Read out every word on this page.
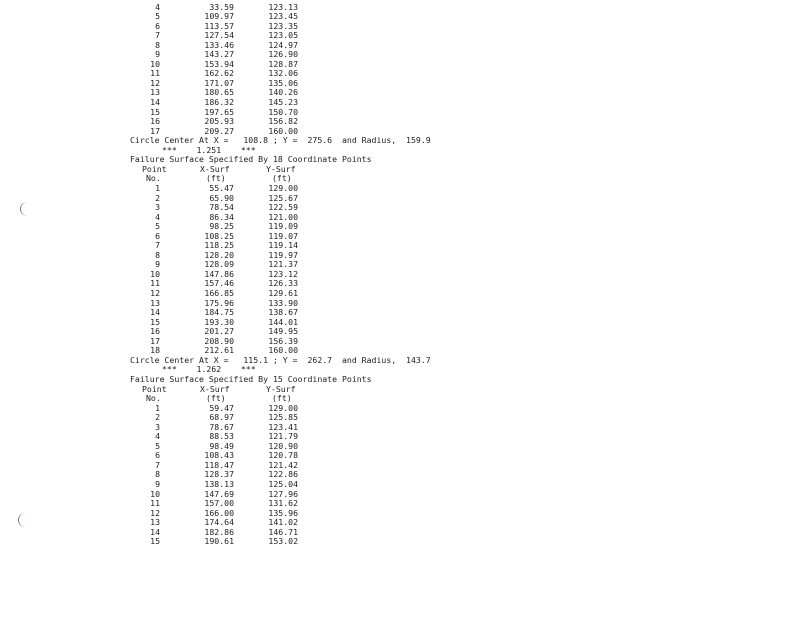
4	33.59	123.13
5	109.97	123.45
6	113.57	123.35
7	127.54	123.05
8	133.46	124.97
9	143.27	126.90
10	153.94	128.87
11	162.62	132.06
12	171.07	135.06
13	180.65	140.26
14	186.32	145.23
15	197.65	150.70
16	205.93	156.82
17	209.27	160.00
Circle Center At X =   108.8 ; Y =  275.6  and Radius,  159.9
***    1.251    ***
Failure Surface Specified By 18 Coordinate Points
Point	X-Surf	Y-Surf
No.	(ft)	(ft)
1	55.47	129.00
2	65.90	125.67
3	78.54	122.59
4	86.34	121.00
5	98.25	119.09
6	108.25	119.07
7	118.25	119.14
8	128.20	119.97
9	128.09	121.37
10	147.86	123.12
11	157.46	126.33
12	166.85	129.61
13	175.96	133.90
14	184.75	138.67
15	193.30	144.01
16	201.27	149.95
17	208.90	156.39
18	212.61	160.00
Circle Center At X =   115.1 ; Y =  262.7  and Radius,  143.7
***    1.262    ***
Failure Surface Specified By 15 Coordinate Points
Point	X-Surf	Y-Surf
No.	(ft)	(ft)
1	59.47	129.00
2	68.97	125.85
3	78.67	123.41
4	88.53	121.79
5	98.49	120.90
6	108.43	120.78
7	118.47	121.42
8	128.37	122.86
9	138.13	125.04
10	147.69	127.96
11	157.00	131.62
12	166.00	135.96
13	174.64	141.02
14	182.86	146.71
15	190.61	153.02
